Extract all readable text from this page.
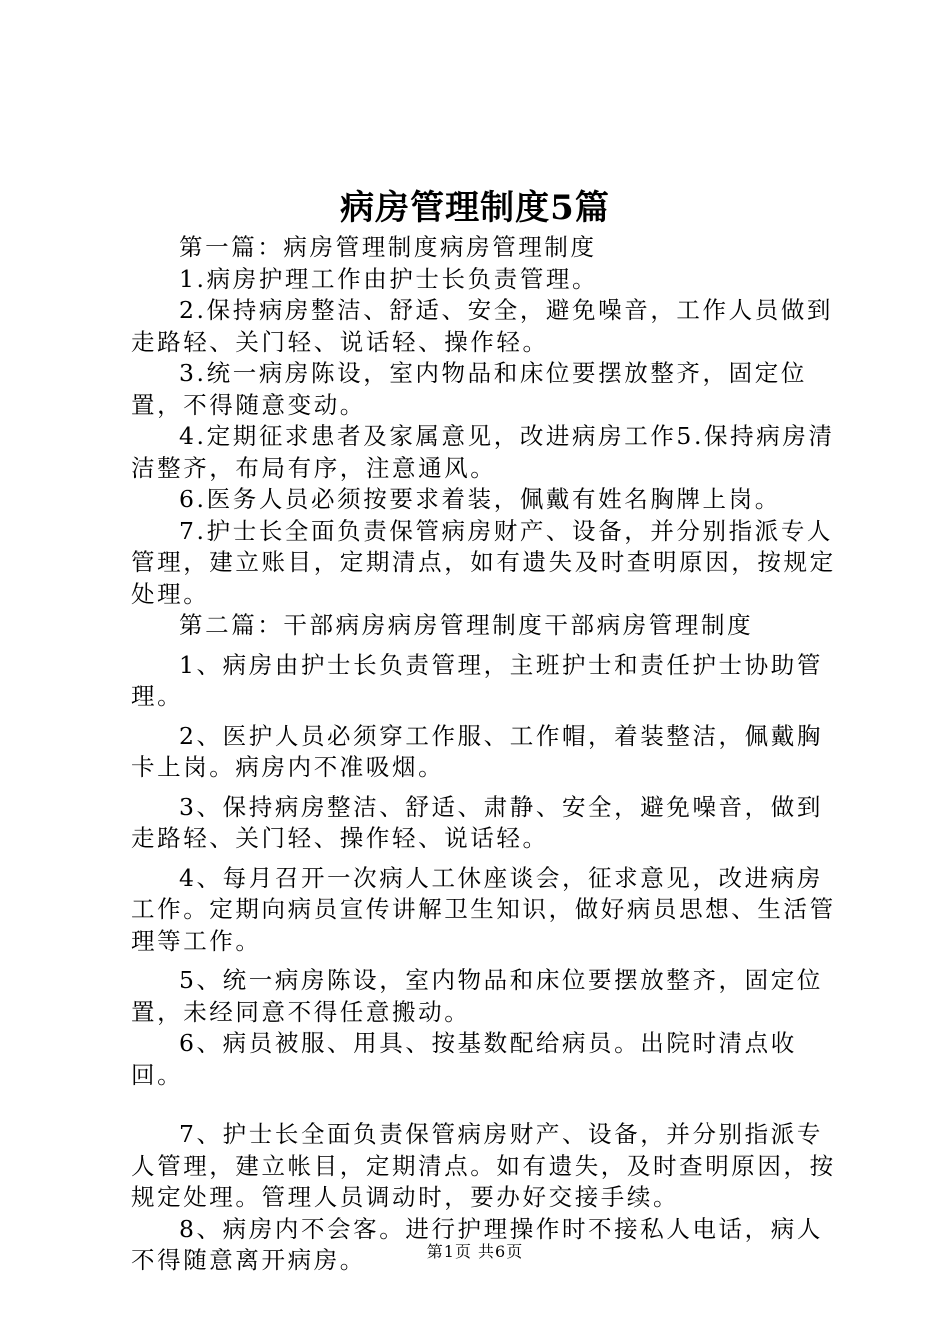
病房管理制度5篇

第一篇：病房管理制度病房管理制度

1.病房护理工作由护士长负责管理。

2.保持病房整洁、舒适、安全，避免噪音，工作人员做到走路轻、关门轻、说话轻、操作轻。

3.统一病房陈设，室内物品和床位要摆放整齐，固定位置，不得随意变动。

4.定期征求患者及家属意见，改进病房工作5.保持病房清洁整齐，布局有序，注意通风。

6.医务人员必须按要求着装，佩戴有姓名胸牌上岗。

7.护士长全面负责保管病房财产、设备，并分别指派专人管理，建立账目，定期清点，如有遗失及时查明原因，按规定处理。

第二篇：干部病房病房管理制度干部病房管理制度

1、病房由护士长负责管理，主班护士和责任护士协助管理。

2、医护人员必须穿工作服、工作帽，着装整洁，佩戴胸卡上岗。病房内不准吸烟。

3、保持病房整洁、舒适、肃静、安全，避免噪音，做到走路轻、关门轻、操作轻、说话轻。

4、每月召开一次病人工休座谈会，征求意见，改进病房工作。定期向病员宣传讲解卫生知识，做好病员思想、生活管理等工作。

5、统一病房陈设，室内物品和床位要摆放整齐，固定位置，未经同意不得任意搬动。

6、病员被服、用具、按基数配给病员。出院时清点收回。

7、护士长全面负责保管病房财产、设备，并分别指派专人管理，建立帐目，定期清点。如有遗失，及时查明原因，按规定处理。管理人员调动时，要办好交接手续。

8、病房内不会客。进行护理操作时不接私人电话，病人不得随意离开病房。	第1页 共6页
